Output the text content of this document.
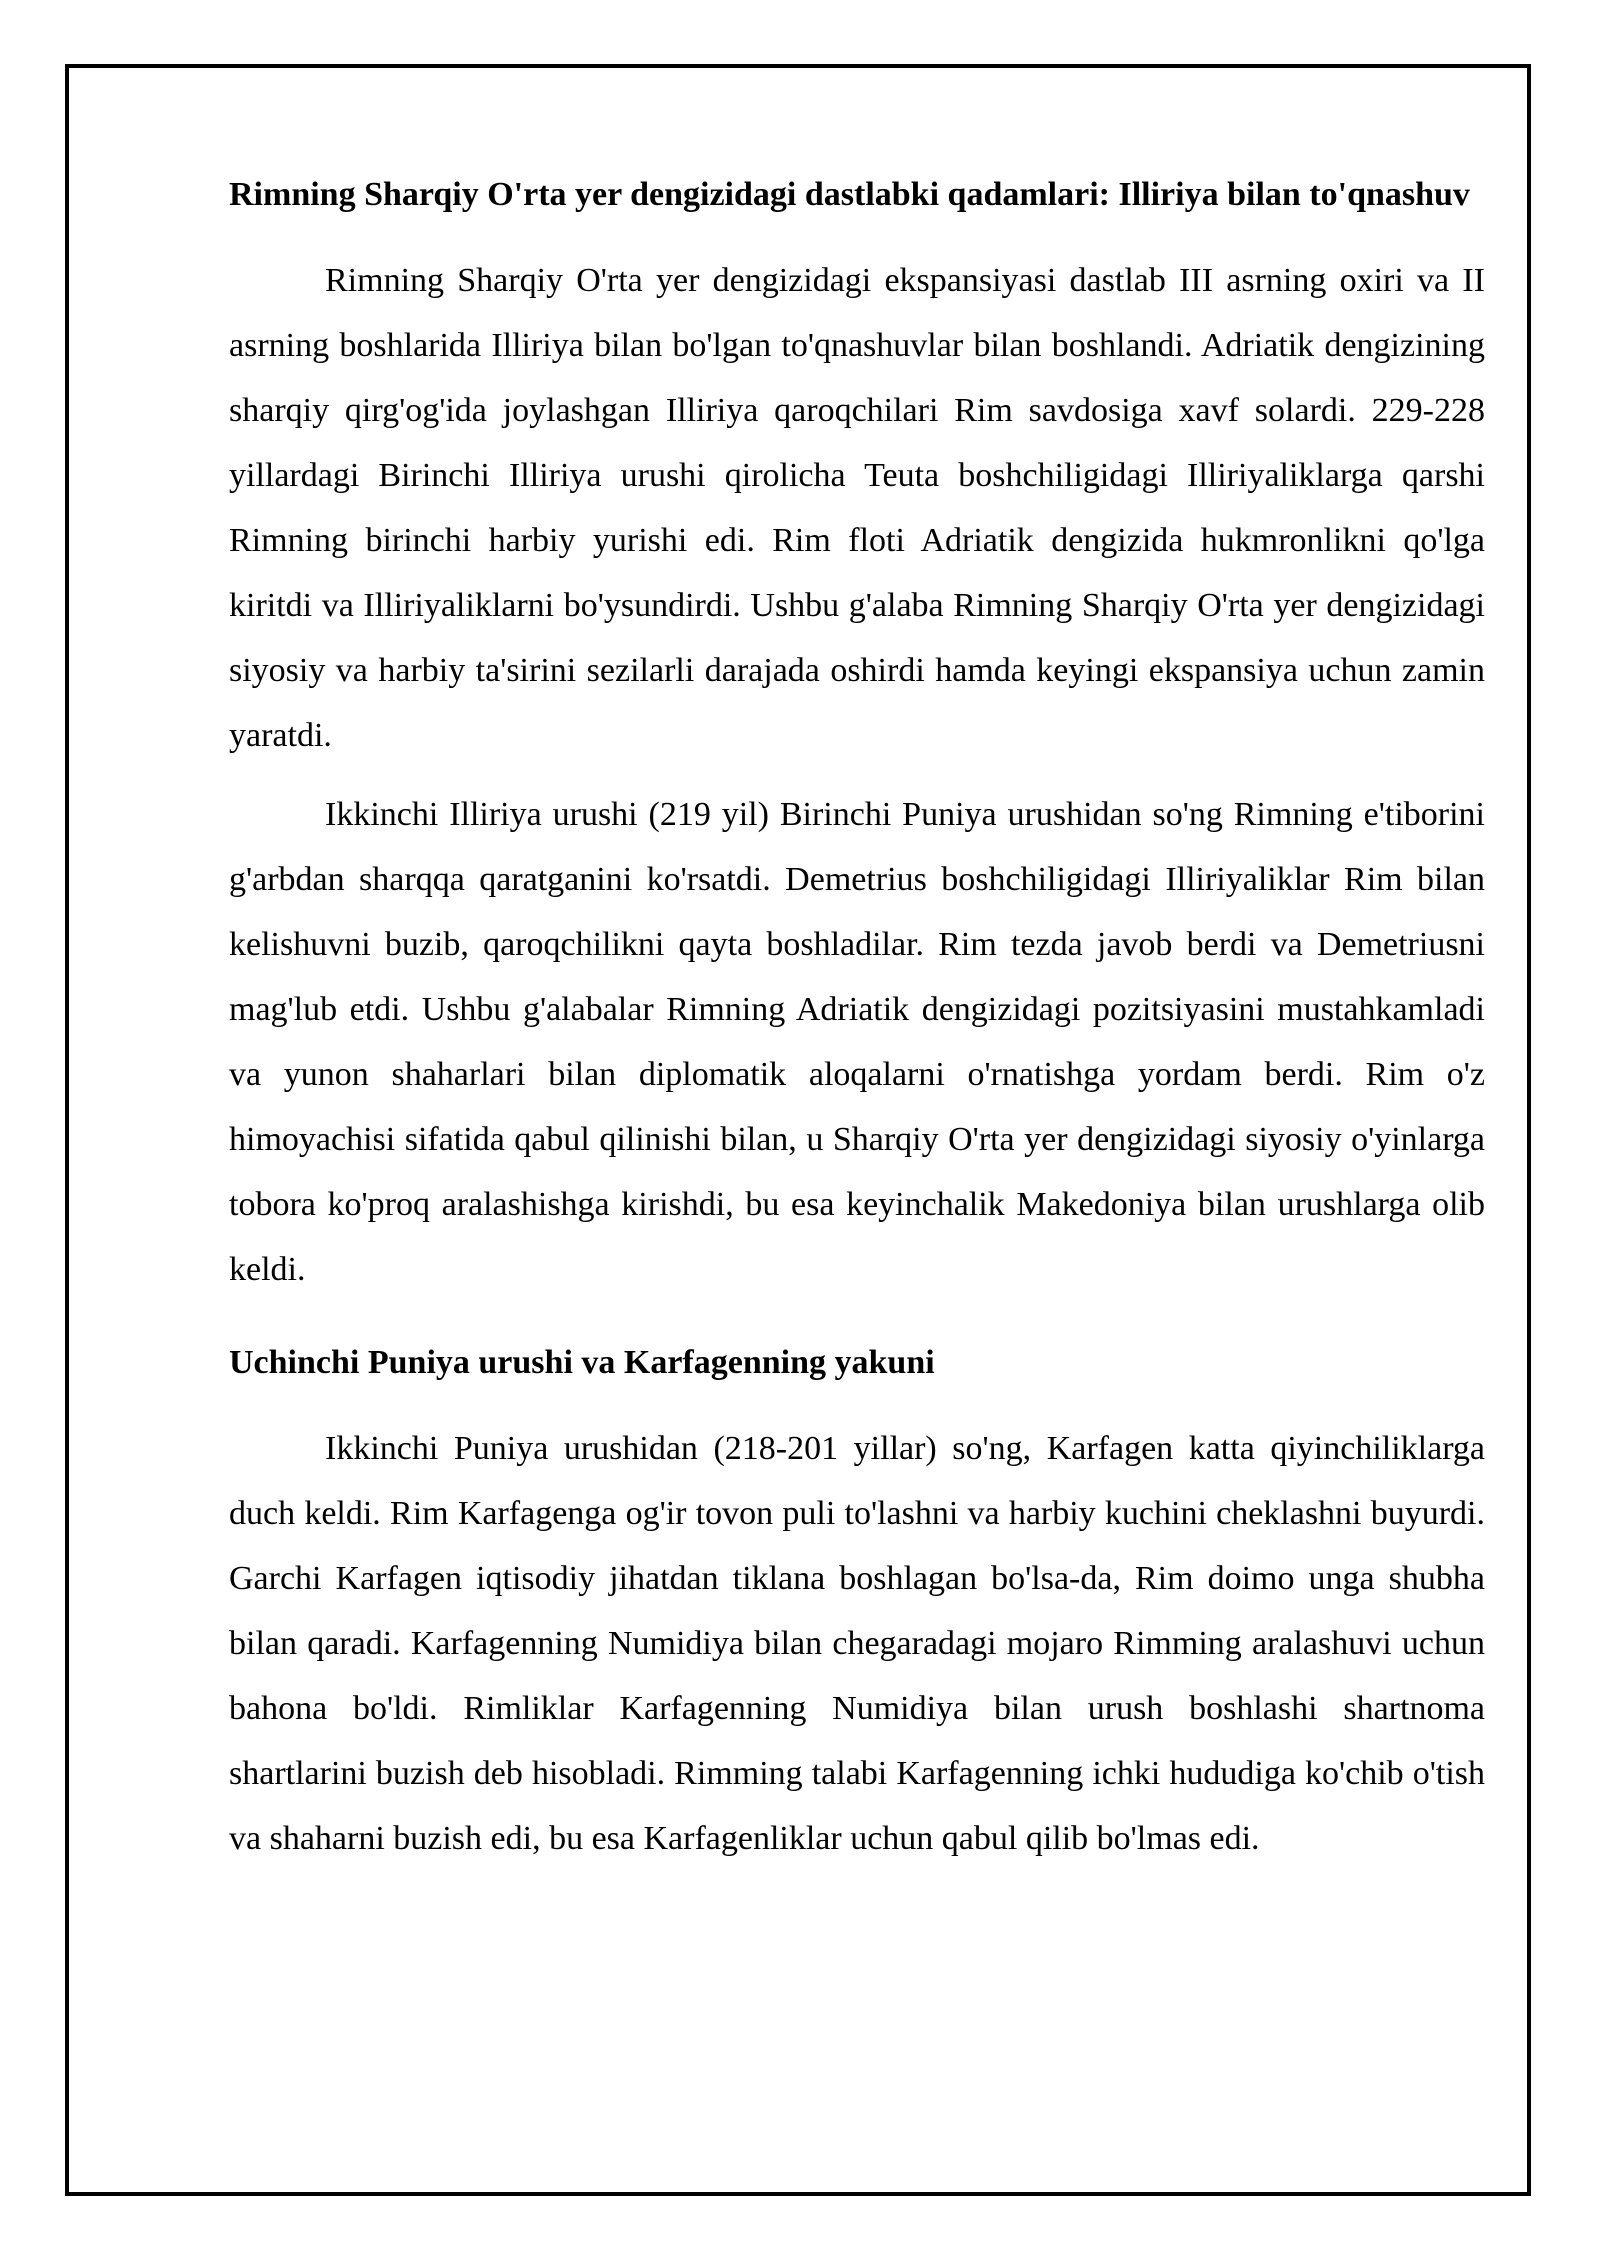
Rimning Sharqiy O'rta yer dengizidagi dastlabki qadamlari: Illiriya bilan to'qnashuv

Rimning Sharqiy O'rta yer dengizidagi ekspansiyasi dastlab III asrning oxiri va II asrning boshlarida Illiriya bilan bo'lgan to'qnashuvlar bilan boshlandi. Adriatik dengizining sharqiy qirg'og'ida joylashgan Illiriya qaroqchilari Rim savdosiga xavf solardi. 229-228 yillardagi Birinchi Illiriya urushi qirolicha Teuta boshchiligidagi Illiriyaliklarga qarshi Rimning birinchi harbiy yurishi edi. Rim floti Adriatik dengizida hukmronlikni qo'lga kiritdi va Illiriyaliklarni bo'ysundirdi. Ushbu g'alaba Rimning Sharqiy O'rta yer dengizidagi siyosiy va harbiy ta'sirini sezilarli darajada oshirdi hamda keyingi ekspansiya uchun zamin yaratdi.

Ikkinchi Illiriya urushi (219 yil) Birinchi Puniya urushidan so'ng Rimning e'tiborini g'arbdan sharqqa qaratganini ko'rsatdi. Demetrius boshchiligidagi Illiriyaliklar Rim bilan kelishuvni buzib, qaroqchilikni qayta boshladilar. Rim tezda javob berdi va Demetriusni mag'lub etdi. Ushbu g'alabalar Rimning Adriatik dengizidagi pozitsiyasini mustahkamladi va yunon shaharlari bilan diplomatik aloqalarni o'rnatishga yordam berdi. Rim o'z himoyachisi sifatida qabul qilinishi bilan, u Sharqiy O'rta yer dengizidagi siyosiy o'yinlarga tobora ko'proq aralashishga kirishdi, bu esa keyinchalik Makedoniya bilan urushlarga olib keldi.

Uchinchi Puniya urushi va Karfagenning yakuni

Ikkinchi Puniya urushidan (218-201 yillar) so'ng, Karfagen katta qiyinchiliklarga duch keldi. Rim Karfagenga og'ir tovon puli to'lashni va harbiy kuchini cheklashni buyurdi. Garchi Karfagen iqtisodiy jihatdan tiklana boshlagan bo'lsa-da, Rim doimo unga shubha bilan qaradi. Karfagenning Numidiya bilan chegaradagi mojaro Rimming aralashuvi uchun bahona bo'ldi. Rimliklar Karfagenning Numidiya bilan urush boshlashi shartnoma shartlarini buzish deb hisobladi. Rimming talabi Karfagenning ichki hududiga ko'chib o'tish va shaharni buzish edi, bu esa Karfagenliklar uchun qabul qilib bo'lmas edi.
